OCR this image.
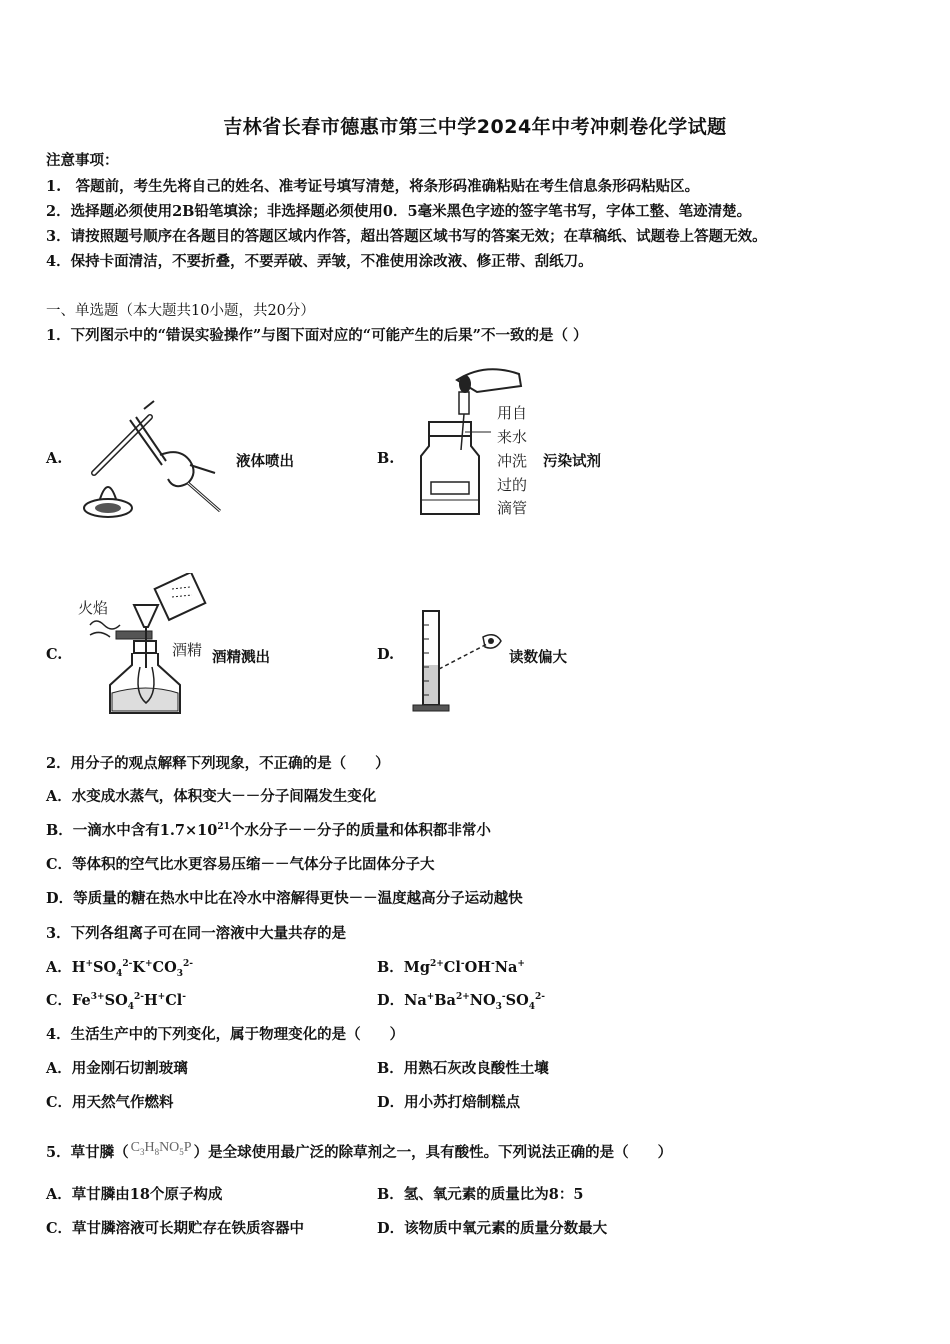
吉林省长春市德惠市第三中学2024年中考冲刺卷化学试题
注意事项：
1.　答题前，考生先将自己的姓名、准考证号填写清楚，将条形码准确粘贴在考生信息条形码粘贴区。
2．选择题必须使用2B铅笔填涂；非选择题必须使用0．5毫米黑色字迹的签字笔书写，字体工整、笔迹清楚。
3．请按照题号顺序在各题目的答题区域内作答，超出答题区域书写的答案无效；在草稿纸、试题卷上答题无效。
4．保持卡面清洁，不要折叠，不要弄破、弄皱，不准使用涂改液、修正带、刮纸刀。
一、单选题（本大题共10小题，共20分）
1．下列图示中的“错误实验操作”与图下面对应的“可能产生的后果”不一致的是（ ）
A.	液体喷出	B.
用自
来水
冲洗
过的
滴管
污染试剂
C.
火焰
酒精 酒精溅出	D.	读数偏大
2．用分子的观点解释下列现象，不正确的是（　　）
A．水变成水蒸气，体积变大－－分子间隔发生变化
B．一滴水中含有$1.7\times 10^{21}$个水分子－－分子的质量和体积都非常小
C．等体积的空气比水更容易压缩－－气体分子比固体分子大
D．等质量的糖在热水中比在冷水中溶解得更快－－温度越高分子运动越快
3．下列各组离子可在同一溶液中大量共存的是
A．$H^+SO_4^{2-}K^+CO_3^{2-}$	B．$Mg^{2+}Cl^-OH^-Na^+$
C．$Fe^{3+}SO_4^{2-}H^+Cl^-$	D．$Na^+Ba^{2+}NO_3^-SO_4^{2-}$
4．生活生产中的下列变化，属于物理变化的是（　　）
A．用金刚石切割玻璃	B．用熟石灰改良酸性土壤
C．用天然气作燃料	D．用小苏打焙制糕点
5．草甘膦（ $C_3H_8NO_5P$ ）是全球使用最广泛的除草剂之一，具有酸性。下列说法正确的是（　　）
A．草甘膦由18个原子构成	B．氢、氧元素的质量比为8：5
C．草甘膦溶液可长期贮存在铁质容器中	D．该物质中氧元素的质量分数最大
